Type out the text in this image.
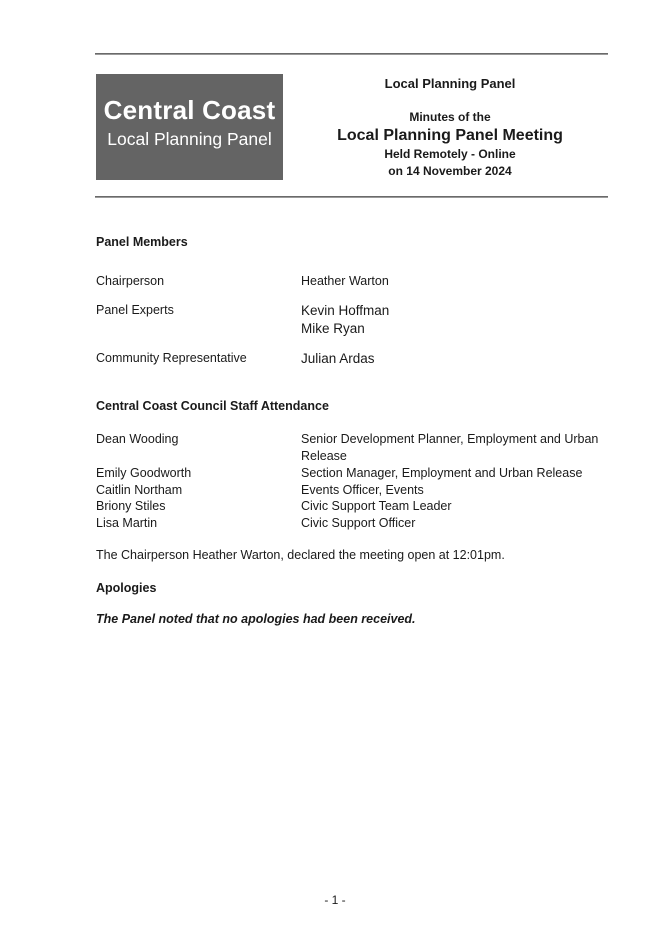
Central Coast
Local Planning Panel
Local Planning Panel
Minutes of the
Local Planning Panel Meeting
Held Remotely - Online
on 14 November 2024
Panel Members
Chairperson	Heather Warton
Panel Experts	Kevin Hoffman
Mike Ryan
Community Representative	Julian Ardas
Central Coast Council Staff Attendance
Dean Wooding	Senior Development Planner, Employment and Urban
Release
Emily Goodworth	Section Manager, Employment and Urban Release
Caitlin Northam	Events Officer, Events
Briony Stiles	Civic Support Team Leader
Lisa Martin	Civic Support Officer
The Chairperson Heather Warton, declared the meeting open at 12:01pm.
Apologies
The Panel noted that no apologies had been received.
- 1 -
